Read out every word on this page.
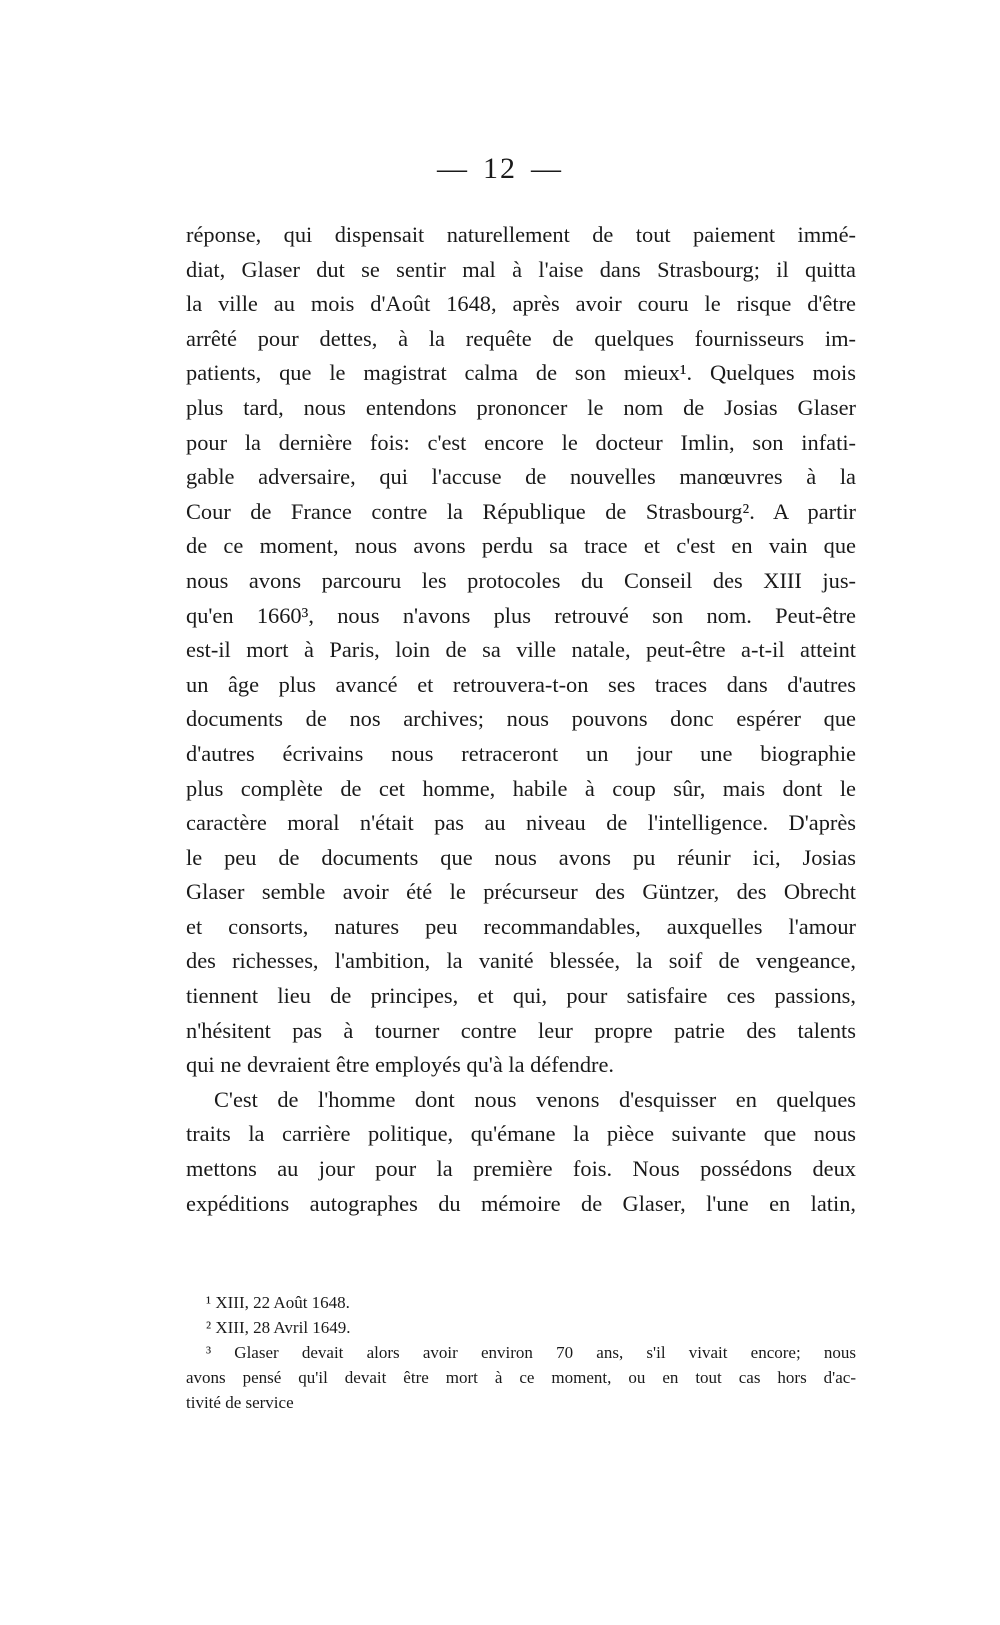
— 12 —
réponse, qui dispensait naturellement de tout paiement immé-
diat, Glaser dut se sentir mal à l'aise dans Strasbourg; il quitta
la ville au mois d'Août 1648, après avoir couru le risque d'être
arrêté pour dettes, à la requête de quelques fournisseurs im-
patients, que le magistrat calma de son mieux¹. Quelques mois
plus tard, nous entendons prononcer le nom de Josias Glaser
pour la dernière fois: c'est encore le docteur Imlin, son infati-
gable adversaire, qui l'accuse de nouvelles manœuvres à la
Cour de France contre la République de Strasbourg². A partir
de ce moment, nous avons perdu sa trace et c'est en vain que
nous avons parcouru les protocoles du Conseil des XIII jus-
qu'en 1660³, nous n'avons plus retrouvé son nom. Peut-être
est-il mort à Paris, loin de sa ville natale, peut-être a-t-il atteint
un âge plus avancé et retrouvera-t-on ses traces dans d'autres
documents de nos archives; nous pouvons donc espérer que
d'autres écrivains nous retraceront un jour une biographie
plus complète de cet homme, habile à coup sûr, mais dont le
caractère moral n'était pas au niveau de l'intelligence. D'après
le peu de documents que nous avons pu réunir ici, Josias
Glaser semble avoir été le précurseur des Güntzer, des Obrecht
et consorts, natures peu recommandables, auxquelles l'amour
des richesses, l'ambition, la vanité blessée, la soif de vengeance,
tiennent lieu de principes, et qui, pour satisfaire ces passions,
n'hésitent pas à tourner contre leur propre patrie des talents
qui ne devraient être employés qu'à la défendre.
C'est de l'homme dont nous venons d'esquisser en quelques
traits la carrière politique, qu'émane la pièce suivante que nous
mettons au jour pour la première fois. Nous possédons deux
expéditions autographes du mémoire de Glaser, l'une en latin,
¹ XIII, 22 Août 1648.
² XIII, 28 Avril 1649.
³ Glaser devait alors avoir environ 70 ans, s'il vivait encore; nous
avons pensé qu'il devait être mort à ce moment, ou en tout cas hors d'ac-
tivité de service
